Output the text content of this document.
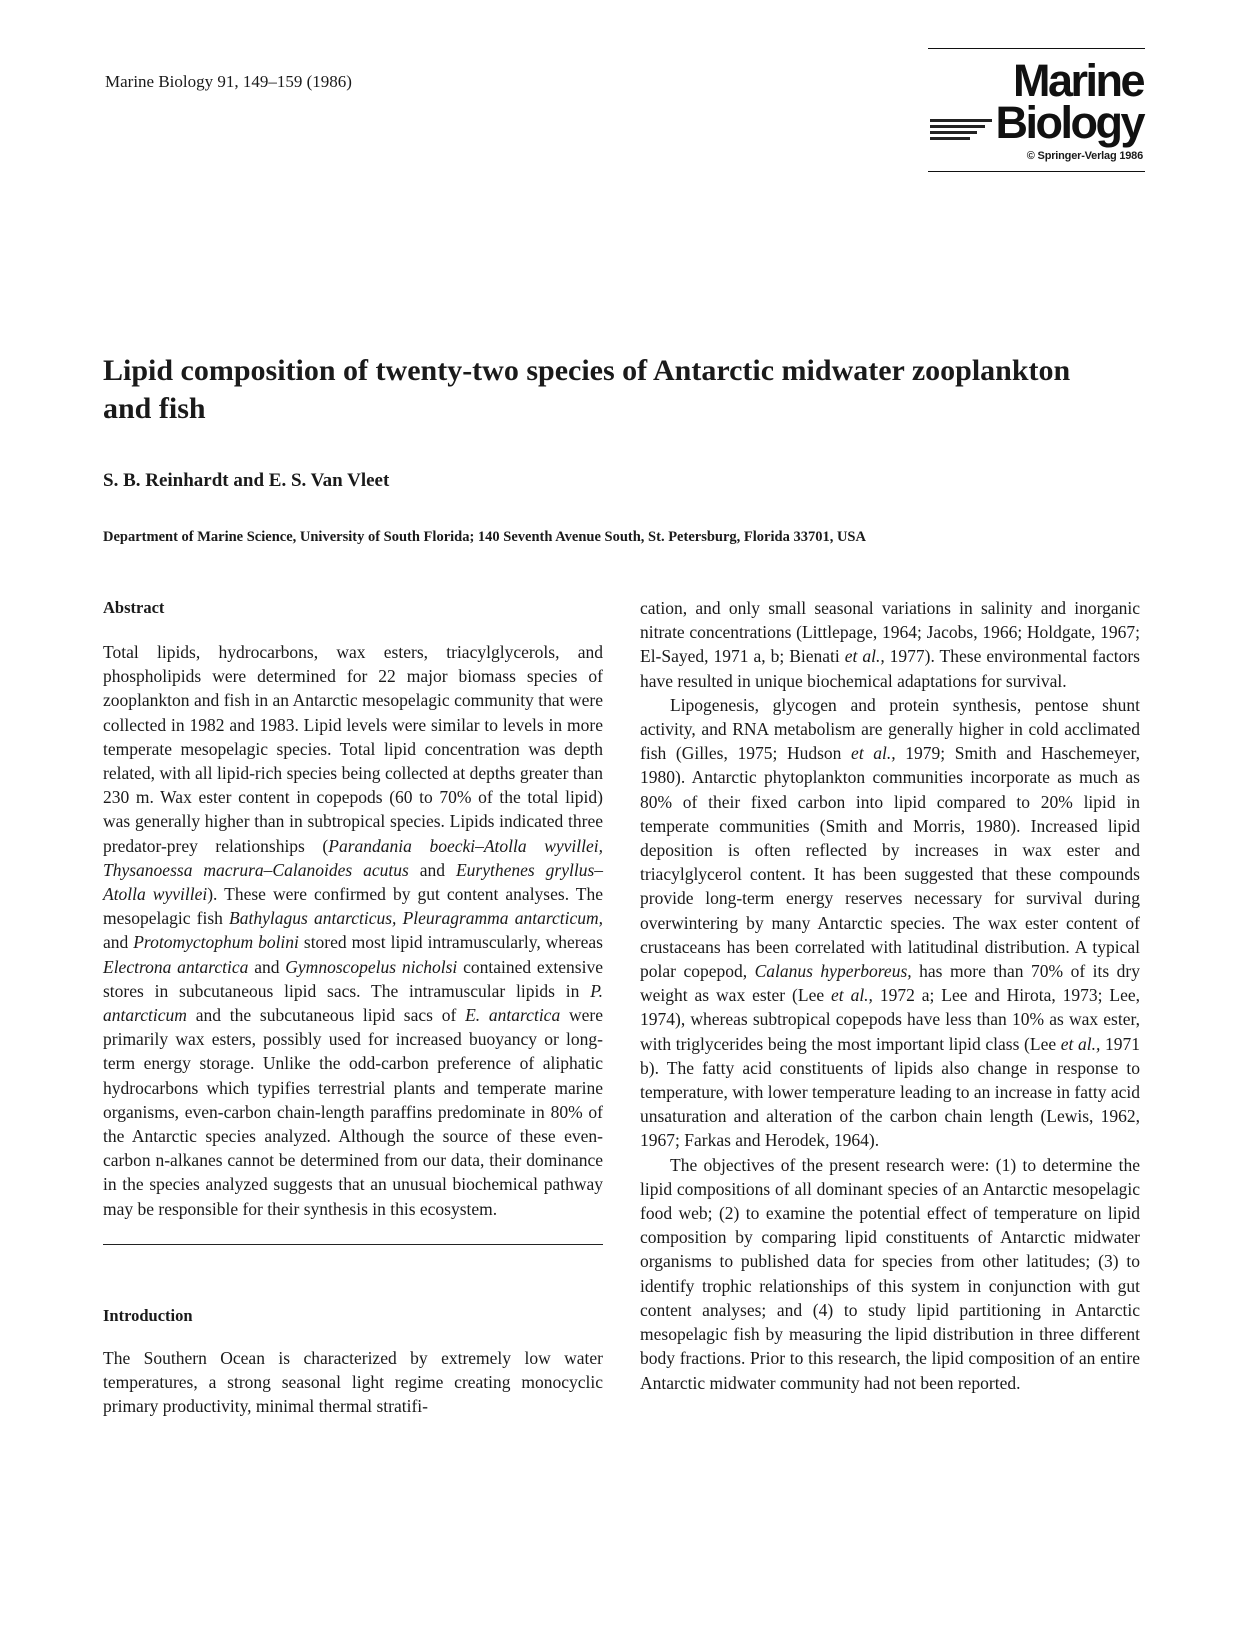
Marine Biology 91, 149–159 (1986)	Marine
Biology
© Springer-Verlag 1986
Lipid composition of twenty-two species of Antarctic midwater zooplankton and fish
S. B. Reinhardt and E. S. Van Vleet
Department of Marine Science, University of South Florida; 140 Seventh Avenue South, St. Petersburg, Florida 33701, USA
Abstract

Total lipids, hydrocarbons, wax esters, triacylglycerols, and phospholipids were determined for 22 major biomass species of zooplankton and fish in an Antarctic mesopelagic community that were collected in 1982 and 1983. Lipid levels were similar to levels in more temperate mesopelagic species. Total lipid concentration was depth related, with all lipid-rich species being collected at depths greater than 230 m. Wax ester content in copepods (60 to 70% of the total lipid) was generally higher than in subtropical species. Lipids indicated three predator-prey relationships (Parandania boecki–Atolla wyvillei, Thysanoessa macrura–Calanoides acutus and Eurythenes gryllus–Atolla wyvillei). These were confirmed by gut content analyses. The mesopelagic fish Bathylagus antarcticus, Pleuragramma antarcticum, and Protomyctophum bolini stored most lipid intramuscularly, whereas Electrona antarctica and Gymnoscopelus nicholsi contained extensive stores in subcutaneous lipid sacs. The intramuscular lipids in P. antarcticum and the subcutaneous lipid sacs of E. antarctica were primarily wax esters, possibly used for increased buoyancy or long-term energy storage. Unlike the odd-carbon preference of aliphatic hydrocarbons which typifies terrestrial plants and temperate marine organisms, even-carbon chain-length paraffins predominate in 80% of the Antarctic species analyzed. Although the source of these even-carbon n-alkanes cannot be determined from our data, their dominance in the species analyzed suggests that an unusual biochemical pathway may be responsible for their synthesis in this ecosystem.

Introduction

The Southern Ocean is characterized by extremely low water temperatures, a strong seasonal light regime creating monocyclic primary productivity, minimal thermal stratifi-

cation, and only small seasonal variations in salinity and inorganic nitrate concentrations (Littlepage, 1964; Jacobs, 1966; Holdgate, 1967; El-Sayed, 1971 a, b; Bienati et al., 1977). These environmental factors have resulted in unique biochemical adaptations for survival.

Lipogenesis, glycogen and protein synthesis, pentose shunt activity, and RNA metabolism are generally higher in cold acclimated fish (Gilles, 1975; Hudson et al., 1979; Smith and Haschemeyer, 1980). Antarctic phytoplankton communities incorporate as much as 80% of their fixed carbon into lipid compared to 20% lipid in temperate communities (Smith and Morris, 1980). Increased lipid deposition is often reflected by increases in wax ester and triacylglycerol content. It has been suggested that these compounds provide long-term energy reserves necessary for survival during overwintering by many Antarctic species. The wax ester content of crustaceans has been correlated with latitudinal distribution. A typical polar copepod, Calanus hyperboreus, has more than 70% of its dry weight as wax ester (Lee et al., 1972 a; Lee and Hirota, 1973; Lee, 1974), whereas subtropical copepods have less than 10% as wax ester, with triglycerides being the most important lipid class (Lee et al., 1971 b). The fatty acid constituents of lipids also change in response to temperature, with lower temperature leading to an increase in fatty acid unsaturation and alteration of the carbon chain length (Lewis, 1962, 1967; Farkas and Herodek, 1964).

The objectives of the present research were: (1) to determine the lipid compositions of all dominant species of an Antarctic mesopelagic food web; (2) to examine the potential effect of temperature on lipid composition by comparing lipid constituents of Antarctic midwater organisms to published data for species from other latitudes; (3) to identify trophic relationships of this system in conjunction with gut content analyses; and (4) to study lipid partitioning in Antarctic mesopelagic fish by measuring the lipid distribution in three different body fractions. Prior to this research, the lipid composition of an entire Antarctic midwater community had not been reported.
